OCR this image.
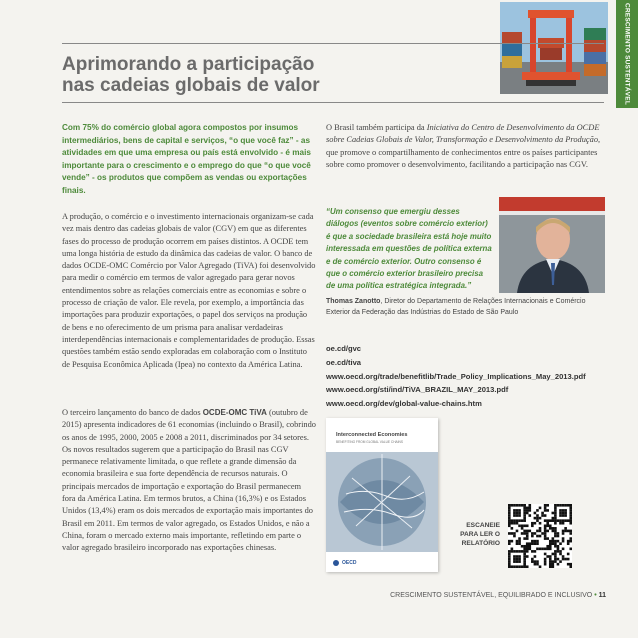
CRESCIMENTO SUSTENTÁVEL
Aprimorando a participação
nas cadeias globais de valor
Com 75% do comércio global agora compostos por insumos intermediários, bens de capital e serviços, “o que você faz” - as atividades em que uma empresa ou país está envolvido - é mais importante para o crescimento e o emprego do que “o que você vende” - os produtos que compõem as vendas ou exportações finais.
A produção, o comércio e o investimento internacionais organizam-se cada vez mais dentro das cadeias globais de valor (CGV) em que as diferentes fases do processo de produção ocorrem em países distintos. A OCDE tem uma longa história de estudo da dinâmica das cadeias de valor. O banco de dados OCDE-OMC Comércio por Valor Agregado (TiVA) foi desenvolvido para medir o comércio em termos de valor agregado para gerar novos entendimentos sobre as relações comerciais entre as economias e sobre o processo de criação de valor. Ele revela, por exemplo, a importância das importações para produzir exportações, o papel dos serviços na produção de bens e no oferecimento de um prisma para analisar verdadeiras interdependências internacionais e complementaridades de produção. Essas questões também estão sendo exploradas em colaboração com o Instituto de Pesquisa Econômica Aplicada (Ipea) no contexto da América Latina.
O terceiro lançamento do banco de dados OCDE-OMC TiVA (outubro de 2015) apresenta indicadores de 61 economias (incluindo o Brasil), cobrindo os anos de 1995, 2000, 2005 e 2008 a 2011, discriminados por 34 setores. Os novos resultados sugerem que a participação do Brasil nas CGV permanece relativamente limitada, o que reflete a grande dimensão da economia brasileira e sua forte dependência de recursos naturais. O principais mercados de importação e exportação do Brasil permanecem fora da América Latina. Em termos brutos, a China (16,3%) e os Estados Unidos (13,4%) eram os dois mercados de exportação mais importantes do Brasil em 2011. Em termos de valor agregado, os Estados Unidos, e não a China, foram o mercado externo mais importante, refletindo em parte o valor agregado brasileiro incorporado nas exportações chinesas.
O Brasil também participa da Iniciativa do Centro de Desenvolvimento da OCDE sobre Cadeias Globais de Valor, Transformação e Desenvolvimento da Produção, que promove o compartilhamento de conhecimentos entre os países participantes sobre como promover o desenvolvimento, facilitando a participação nas CGV.
“Um consenso que emergiu desses diálogos (eventos sobre comércio exterior) é que a sociedade brasileira está hoje muito interessada em questões de política externa e de comércio exterior. Outro consenso é que o comércio exterior brasileiro precisa de uma política estratégica integrada.”
Thomas Zanotto, Diretor do Departamento de Relações Internacionais e Comércio Exterior da Federação das Indústrias do Estado de São Paulo
oe.cd/gvc
oe.cd/tiva
www.oecd.org/trade/benefitlib/Trade_Policy_Implications_May_2013.pdf
www.oecd.org/sti/ind/TiVA_BRAZIL_MAY_2013.pdf
www.oecd.org/dev/global-value-chains.htm
Interconnected Economies
BENEFITING FROM GLOBAL VALUE CHAINS
OECD
ESCANEIE
PARA LER O
RELATÓRIO
CRESCIMENTO SUSTENTÁVEL, EQUILIBRADO E INCLUSIVO • 11
